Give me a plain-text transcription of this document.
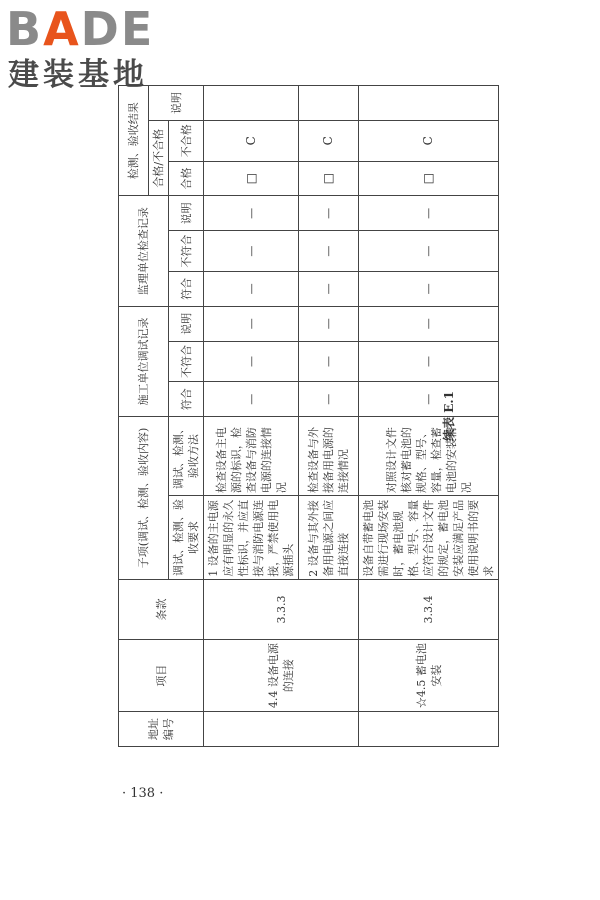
BADE
建装基地
地址编号	项目	条款	子项(调试、检测、验收内容)		施工单位调试记录			监理单位检查记录			检测、验收结果		
											合格/不合格		说明
			调试、检测、验收要求	调试、检测、验收方法	符合	不符合	说明	符合	不符合	说明	合格	不合格	
	4.4 设备电源的连接	3.3.3	1 设备的主电源应有明显的永久性标识，并应直接与消防电源连接，严禁使用电源插头	检查设备主电源的标识，检查设备与消防电源的连接情况	—	—	—	—	—	—	□	C	
			2 设备与其外接备用电源之间应直接连接	检查设备与外接备用电源的连接情况	—	—	—	—	—	—	□	C	
	☆4.5 蓄电池安装	3.3.4	设备自带蓄电池需进行现场安装时，蓄电池规格、型号、容量应符合设计文件的规定，蓄电池安装应满足产品使用说明书的要求	对照设计文件核对蓄电池的规格、型号、容量，检查蓄电池的安装情况	—	—	—	—	—	—	□	C	
续表 E.1
· 138 ·
